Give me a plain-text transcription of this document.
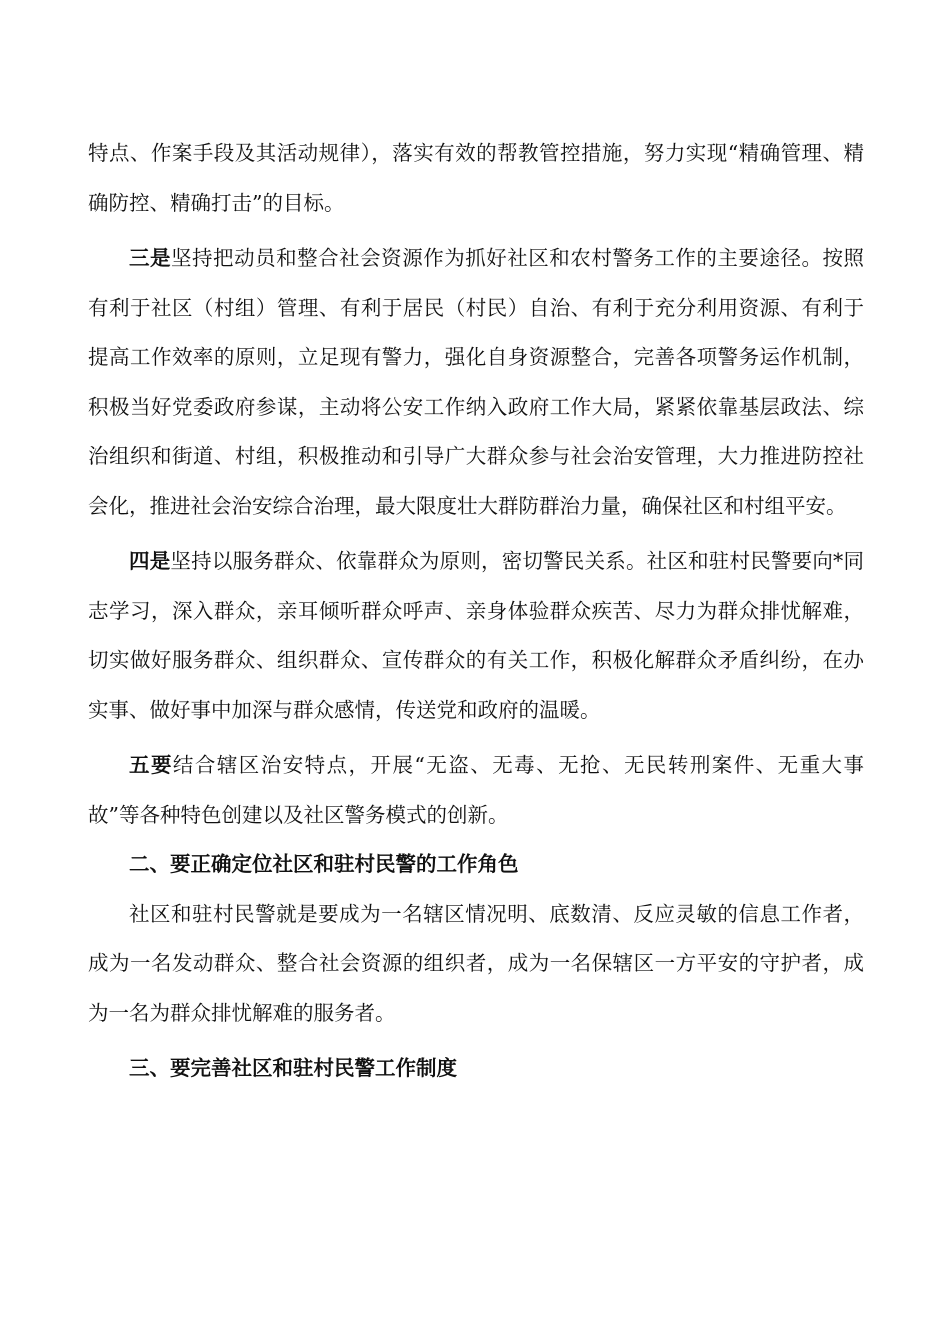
特点、作案手段及其活动规律），落实有效的帮教管控措施，努力实现“精确管理、精确防控、精确打击”的目标。

三是坚持把动员和整合社会资源作为抓好社区和农村警务工作的主要途径。按照有利于社区（村组）管理、有利于居民（村民）自治、有利于充分利用资源、有利于提高工作效率的原则，立足现有警力，强化自身资源整合，完善各项警务运作机制，积极当好党委政府参谋，主动将公安工作纳入政府工作大局，紧紧依靠基层政法、综治组织和街道、村组，积极推动和引导广大群众参与社会治安管理，大力推进防控社会化，推进社会治安综合治理，最大限度壮大群防群治力量，确保社区和村组平安。

四是坚持以服务群众、依靠群众为原则，密切警民关系。社区和驻村民警要向*同志学习，深入群众，亲耳倾听群众呼声、亲身体验群众疾苦、尽力为群众排忧解难，切实做好服务群众、组织群众、宣传群众的有关工作，积极化解群众矛盾纠纷，在办实事、做好事中加深与群众感情，传送党和政府的温暖。

五要结合辖区治安特点，开展“无盗、无毒、无抢、无民转刑案件、无重大事故”等各种特色创建以及社区警务模式的创新。

二、要正确定位社区和驻村民警的工作角色

社区和驻村民警就是要成为一名辖区情况明、底数清、反应灵敏的信息工作者，成为一名发动群众、整合社会资源的组织者，成为一名保辖区一方平安的守护者，成为一名为群众排忧解难的服务者。

三、要完善社区和驻村民警工作制度
